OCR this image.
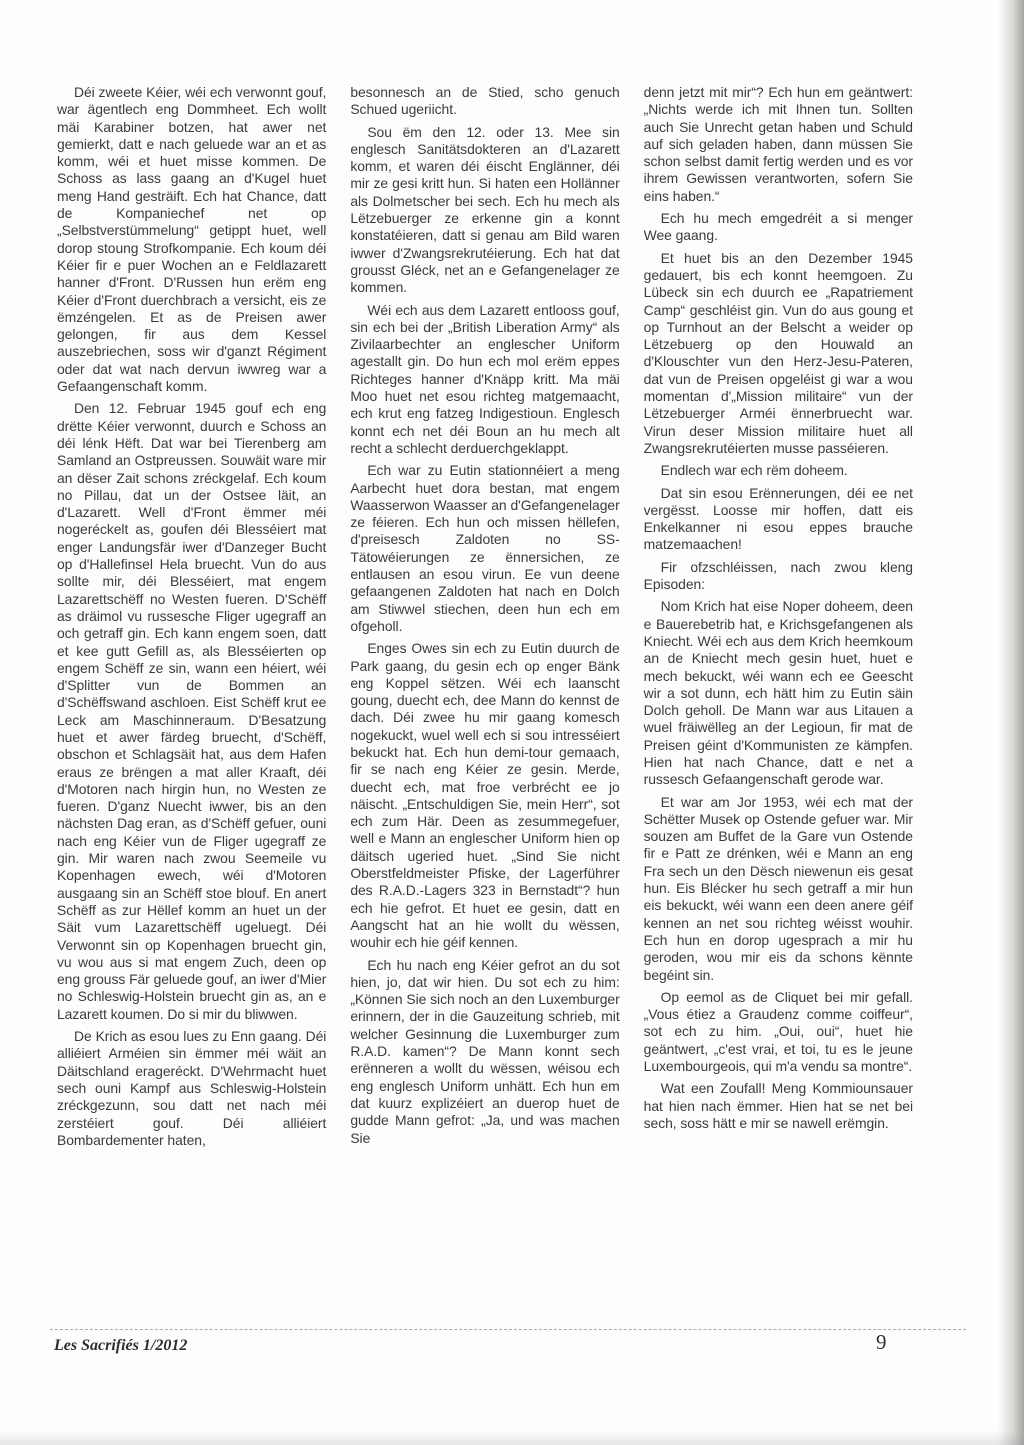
Déi zweete Kéier, wéi ech verwonnt gouf, war ägentlech eng Dommheet. Ech wollt mäi Karabiner botzen, hat awer net gemierkt, datt e nach geluede war an et as komm, wéi et huet misse kommen. De Schoss as lass gaang an d'Kugel huet meng Hand gesträift. Ech hat Chance, datt de Kompaniechef net op „Selbstverstümmelung“ getippt huet, well dorop stoung Strofkompanie. Ech koum déi Kéier fir e puer Wochen an e Feldlazarett hanner d'Front. D'Russen hun erëm eng Kéier d'Front duerchbrach a versicht, eis ze ëmzéngelen. Et as de Preisen awer gelongen, fir aus dem Kessel auszebriechen, soss wir d'ganzt Régiment oder dat wat nach dervun iwwreg war a Gefaangenschaft komm.

Den 12. Februar 1945 gouf ech eng drëtte Kéier verwonnt, duurch e Schoss an déi lénk Hëft. Dat war bei Tierenberg am Samland an Ostpreussen. Souwäit ware mir an dëser Zait schons zréckgelaf. Ech koum no Pillau, dat un der Ostsee läit, an d'Lazarett. Well d'Front ëmmer méi nogeréckelt as, goufen déi Blesséiert mat enger Landungsfär iwer d'Danzeger Bucht op d'Hallefinsel Hela bruecht. Vun do aus sollte mir, déi Blesséiert, mat engem Lazarettschëff no Westen fueren. D'Schëff as dräimol vu russesche Fliger ugegraff an och getraff gin. Ech kann engem soen, datt et kee gutt Gefill as, als Blesséierten op engem Schëff ze sin, wann een héiert, wéi d'Splitter vun de Bommen an d'Schëffswand aschloen. Eist Schëff krut ee Leck am Maschinneraum. D'Besatzung huet et awer färdeg bruecht, d'Schëff, obschon et Schlagsäit hat, aus dem Hafen eraus ze brëngen a mat aller Kraaft, déi d'Motoren nach hirgin hun, no Westen ze fueren. D'ganz Nuecht iwwer, bis an den nächsten Dag eran, as d'Schëff gefuer, ouni nach eng Kéier vun de Fliger ugegraff ze gin. Mir waren nach zwou Seemeile vu Kopenhagen ewech, wéi d'Motoren ausgaang sin an Schëff stoe blouf. En anert Schëff as zur Hëllef komm an huet un der Säit vum Lazarettschëff ugeluegt. Déi Verwonnt sin op Kopenhagen bruecht gin, vu wou aus si mat engem Zuch, deen op eng grouss Fär geluede gouf, an iwer d'Mier no Schleswig-Holstein bruecht gin as, an e Lazarett koumen. Do si mir du bliwwen.

De Krich as esou lues zu Enn gaang. Déi alliéiert Arméien sin ëmmer méi wäit an Däitschland erageréckt. D'Wehrmacht huet sech ouni Kampf aus Schleswig-Holstein zréckgezunn, sou datt net nach méi zerstéiert gouf. Déi alliéiert Bombardementer haten,

besonnesch an de Stied, scho genuch Schued ugeriicht.

Sou ëm den 12. oder 13. Mee sin englesch Sanitätsdokteren an d'Lazarett komm, et waren déi éischt Englänner, déi mir ze gesi kritt hun. Si haten een Hollänner als Dolmetscher bei sech. Ech hu mech als Lëtzebuerger ze erkenne gin a konnt konstatéieren, datt si genau am Bild waren iwwer d'Zwangsrekrutéierung. Ech hat dat grousst Gléck, net an e Gefangenelager ze kommen.

Wéi ech aus dem Lazarett entlooss gouf, sin ech bei der „British Liberation Army“ als Zivilaarbechter an englescher Uniform agestallt gin. Do hun ech mol erëm eppes Richteges hanner d'Knäpp kritt. Ma mäi Moo huet net esou richteg matgemaacht, ech krut eng fatzeg Indigestioun. Englesch konnt ech net déi Boun an hu mech alt recht a schlecht derduerchgeklappt.

Ech war zu Eutin stationnéiert a meng Aarbecht huet dora bestan, mat engem Waasserwon Waasser an d'Gefangenelager ze féieren. Ech hun och missen hëllefen, d'preisesch Zaldoten no SS-Tätowéierungen ze ënnersichen, ze entlausen an esou virun. Ee vun deene gefaangenen Zaldoten hat nach en Dolch am Stiwwel stiechen, deen hun ech em ofgeholl.

Enges Owes sin ech zu Eutin duurch de Park gaang, du gesin ech op enger Bänk eng Koppel sëtzen. Wéi ech laanscht goung, duecht ech, dee Mann do kennst de dach. Déi zwee hu mir gaang komesch nogekuckt, wuel well ech si sou intresséiert bekuckt hat. Ech hun demi-tour gemaach, fir se nach eng Kéier ze gesin. Merde, duecht ech, mat froe verbrécht ee jo näischt. „Entschuldigen Sie, mein Herr“, sot ech zum Här. Deen as zesummegefuer, well e Mann an englescher Uniform hien op däitsch ugeried huet. „Sind Sie nicht Oberstfeldmeister Pfiske, der Lagerführer des R.A.D.-Lagers 323 in Bernstadt“? hun ech hie gefrot. Et huet ee gesin, datt en Aangscht hat an hie wollt du wëssen, wouhir ech hie géif kennen.

Ech hu nach eng Kéier gefrot an du sot hien, jo, dat wir hien. Du sot ech zu him: „Können Sie sich noch an den Luxemburger erinnern, der in die Gauzeitung schrieb, mit welcher Gesinnung die Luxemburger zum R.A.D. kamen“? De Mann konnt sech erënneren a wollt du wëssen, wéisou ech eng englesch Uniform unhätt. Ech hun em dat kuurz explizéiert an duerop huet de gudde Mann gefrot: „Ja, und was machen Sie

denn jetzt mit mir“? Ech hun em geäntwert: „Nichts werde ich mit Ihnen tun. Sollten auch Sie Unrecht getan haben und Schuld auf sich geladen haben, dann müssen Sie schon selbst damit fertig werden und es vor ihrem Gewissen verantworten, sofern Sie eins haben.“

Ech hu mech emgedréit a si menger Wee gaang.

Et huet bis an den Dezember 1945 gedauert, bis ech konnt heemgoen. Zu Lübeck sin ech duurch ee „Rapatriement Camp“ geschléist gin. Vun do aus goung et op Turnhout an der Belscht a weider op Lëtzebuerg op den Houwald an d'Klouschter vun den Herz-Jesu-Pateren, dat vun de Preisen opgeléist gi war a wou momentan d'„Mission militaire“ vun der Lëtzebuerger Arméi ënnerbruecht war. Virun deser Mission militaire huet all Zwangsrekrutéierten musse passéieren.

Endlech war ech rëm doheem.

Dat sin esou Erënnerungen, déi ee net vergësst. Loosse mir hoffen, datt eis Enkelkanner ni esou eppes brauche matzemaachen!

Fir ofzschléissen, nach zwou kleng Episoden:

Nom Krich hat eise Noper doheem, deen e Bauerebetrib hat, e Krichsgefangenen als Kniecht. Wéi ech aus dem Krich heemkoum an de Kniecht mech gesin huet, huet e mech bekuckt, wéi wann ech ee Geescht wir a sot dunn, ech hätt him zu Eutin säin Dolch geholl. De Mann war aus Litauen a wuel fräiwëlleg an der Legioun, fir mat de Preisen géint d'Kommunisten ze kämpfen. Hien hat nach Chance, datt e net a russesch Gefaangenschaft gerode war.

Et war am Jor 1953, wéi ech mat der Schëtter Musek op Ostende gefuer war. Mir souzen am Buffet de la Gare vun Ostende fir e Patt ze drénken, wéi e Mann an eng Fra sech un den Dësch niewenun eis gesat hun. Eis Blécker hu sech getraff a mir hun eis bekuckt, wéi wann een deen anere géif kennen an net sou richteg wéisst wouhir. Ech hun en dorop ugesprach a mir hu geroden, wou mir eis da schons kënnte begéint sin.

Op eemol as de Cliquet bei mir gefall. „Vous étiez a Graudenz comme coiffeur“, sot ech zu him. „Oui, oui“, huet hie geäntwert, „c'est vrai, et toi, tu es le jeune Luxembourgeois, qui m'a vendu sa montre“.

Wat een Zoufall! Meng Kommiounsauer hat hien nach ëmmer. Hien hat se net bei sech, soss hätt e mir se nawell erëmgin.

Les Sacrifiés 1/2012	9
